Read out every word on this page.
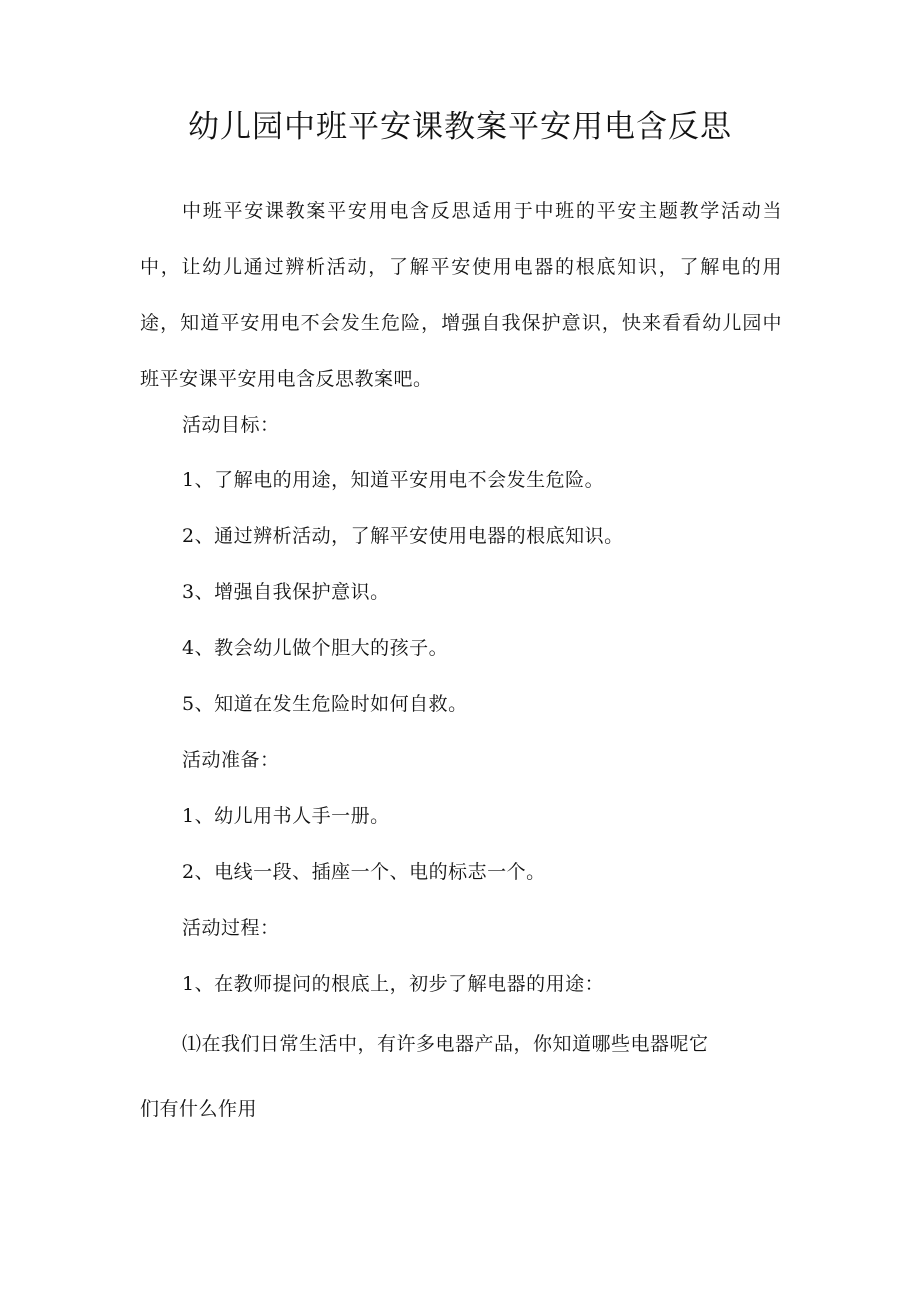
幼儿园中班平安课教案平安用电含反思

中班平安课教案平安用电含反思适用于中班的平安主题教学活动当中，让幼儿通过辨析活动，了解平安使用电器的根底知识，了解电的用途，知道平安用电不会发生危险，增强自我保护意识，快来看看幼儿园中班平安课平安用电含反思教案吧。

活动目标：
1、了解电的用途，知道平安用电不会发生危险。
2、通过辨析活动，了解平安使用电器的根底知识。
3、增强自我保护意识。
4、教会幼儿做个胆大的孩子。
5、知道在发生危险时如何自救。
活动准备：
1、幼儿用书人手一册。
2、电线一段、插座一个、电的标志一个。
活动过程：
1、在教师提问的根底上，初步了解电器的用途：
⑴在我们日常生活中，有许多电器产品，你知道哪些电器呢它
们有什么作用
